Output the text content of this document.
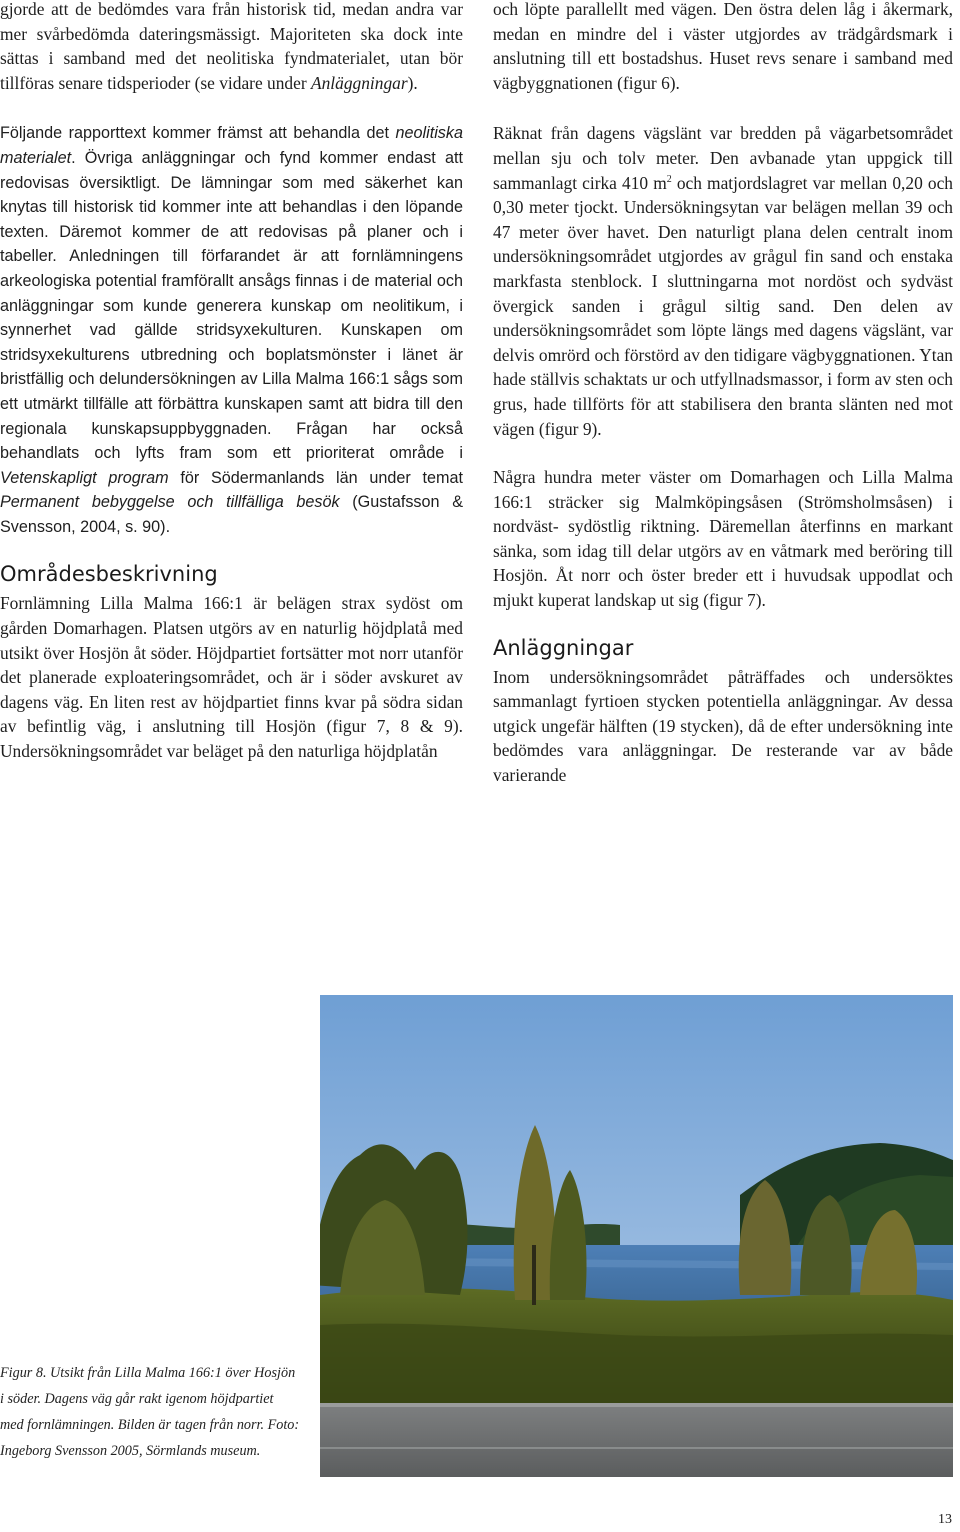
gjorde att de bedömdes vara från historisk tid, medan andra var mer svårbedömda dateringsmässigt. Majoriteten ska dock inte sättas i samband med det neolitiska fyndmaterialet, utan bör tillföras senare tidsperioder (se vidare under Anläggningar).

Följande rapporttext kommer främst att behandla det neolitiska materialet. Övriga anläggningar och fynd kommer endast att redovisas översiktligt. De lämningar som med säkerhet kan knytas till historisk tid kommer inte att behandlas i den löpande texten. Däremot kommer de att redovisas på planer och i tabeller. Anledningen till förfarandet är att fornlämningens arkeologiska potential framförallt ansågs finnas i de material och anläggningar som kunde generera kunskap om neolitikum, i synnerhet vad gällde stridsyxekulturen. Kunskapen om stridsyxekulturens utbredning och boplatsmönster i länet är bristfällig och delundersökningen av Lilla Malma 166:1 sågs som ett utmärkt tillfälle att förbättra kunskapen samt att bidra till den regionala kunskapsuppbyggnaden. Frågan har också behandlats och lyfts fram som ett prioriterat område i Vetenskapligt program för Södermanlands län under temat Permanent bebyggelse och tillfälliga besök (Gustafsson & Svensson, 2004, s. 90).

Områdesbeskrivning

Fornlämning Lilla Malma 166:1 är belägen strax sydöst om gården Domarhagen. Platsen utgörs av en naturlig höjdplatå med utsikt över Hosjön åt söder. Höjdpartiet fortsätter mot norr utanför det planerade exploateringsområdet, och är i söder avskuret av dagens väg. En liten rest av höjdpartiet finns kvar på södra sidan av befintlig väg, i anslutning till Hosjön (figur 7, 8 & 9). Undersökningsområdet var beläget på den naturliga höjdplatån

och löpte parallellt med vägen. Den östra delen låg i åkermark, medan en mindre del i väster utgjordes av trädgårdsmark i anslutning till ett bostadshus. Huset revs senare i samband med vägbyggnationen (figur 6).

Räknat från dagens vägslänt var bredden på vägarbetsområdet mellan sju och tolv meter. Den avbanade ytan uppgick till sammanlagt cirka 410 $m^2$ och matjordslagret var mellan 0,20 och 0,30 meter tjockt. Undersökningsytan var belägen mellan 39 och 47 meter över havet. Den naturligt plana delen centralt inom undersökningsområdet utgjordes av grågul fin sand och enstaka markfasta stenblock. I sluttningarna mot nordöst och sydväst övergick sanden i grågul siltig sand. Den delen av undersökningsområdet som löpte längs med dagens vägslänt, var delvis omrörd och förstörd av den tidigare vägbyggnationen. Ytan hade ställvis schaktats ur och utfyllnadsmassor, i form av sten och grus, hade tillförts för att stabilisera den branta slänten ned mot vägen (figur 9).

Några hundra meter väster om Domarhagen och Lilla Malma 166:1 sträcker sig Malmköpingsåsen (Strömsholmsåsen) i nordväst- sydöstlig riktning. Däremellan återfinns en markant sänka, som idag till delar utgörs av en våtmark med beröring till Hosjön. Åt norr och öster breder ett i huvudsak uppodlat och mjukt kuperat landskap ut sig (figur 7).

Anläggningar

Inom undersökningsområdet påträffades och undersöktes sammanlagt fyrtioen stycken potentiella anläggningar. Av dessa utgick ungefär hälften (19 stycken), då de efter undersökning inte bedömdes vara anläggningar. De resterande var av både varierande

Figur 8. Utsikt från Lilla Malma 166:1 över Hosjön i söder. Dagens väg går rakt igenom höjdpartiet med fornlämningen. Bilden är tagen från norr. Foto: Ingeborg Svensson 2005, Sörmlands museum.
13
